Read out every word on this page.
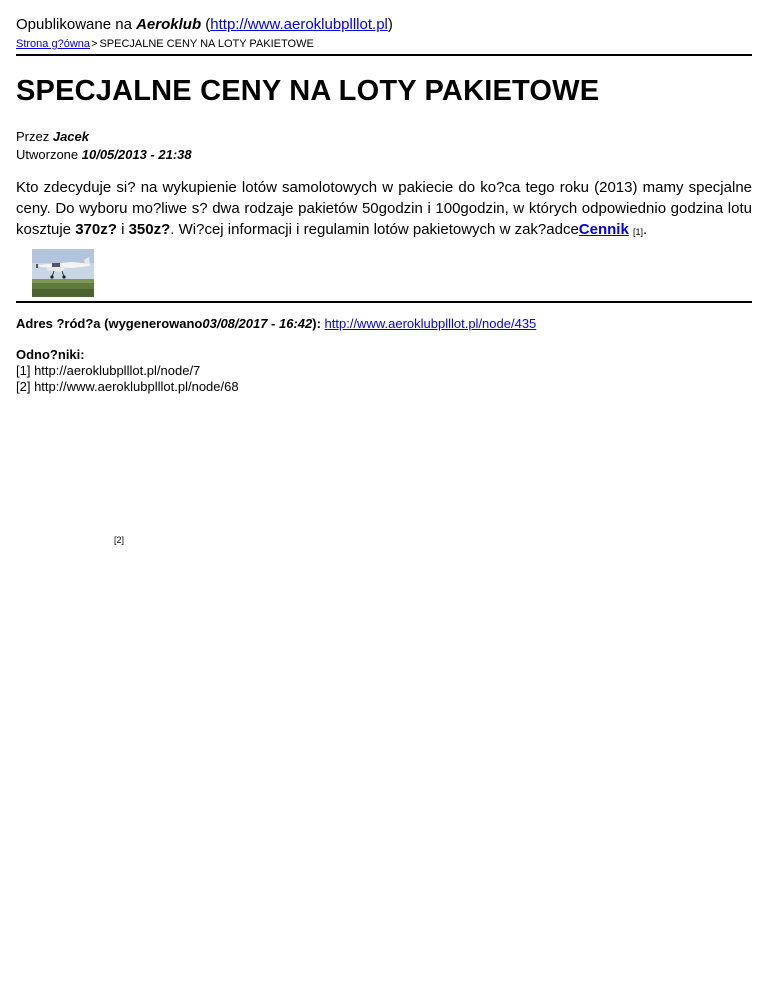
Opublikowane na Aeroklub (http://www.aeroklubplllot.pl)
Strona g?ówna> SPECJALNE CENY NA LOTY PAKIETOWE
SPECJALNE CENY NA LOTY PAKIETOWE
Przez Jacek
Utworzone 10/05/2013 - 21:38
Kto zdecyduje si? na wykupienie lotów samolotowych w pakiecie do ko?ca tego roku (2013) mamy specjalne ceny. Do wyboru mo?liwe s? dwa rodzaje pakietów 50godzin i 100godzin, w których odpowiednio godzina lotu kosztuje 370z? i 350z?. Wi?cej informacji i regulamin lotów pakietowych w zak?adceCennik [1].
[2]
Adres ?ród?a (wygenerowano03/08/2017 - 16:42): http://www.aeroklubplllot.pl/node/435
Odno?niki:
[1] http://aeroklubplllot.pl/node/7
[2] http://www.aeroklubplllot.pl/node/68
